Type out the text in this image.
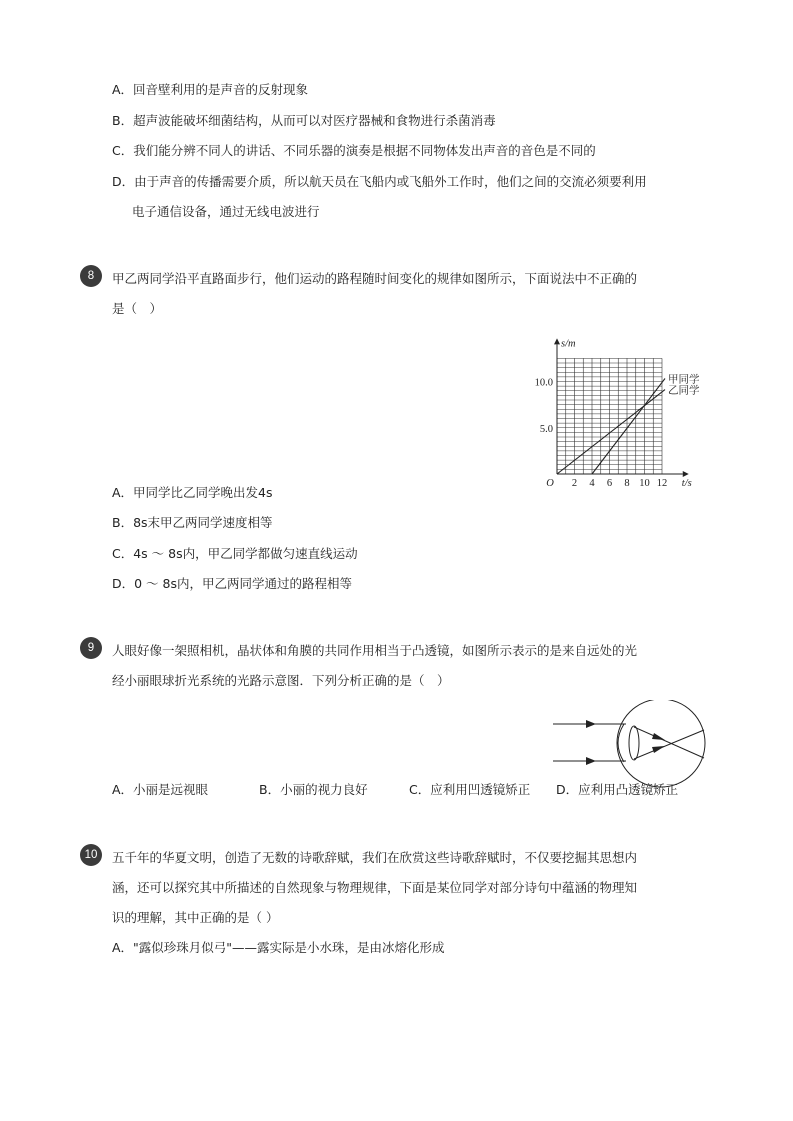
A．回音壁利用的是声音的反射现象
B．超声波能破坏细菌结构，从而可以对医疗器械和食物进行杀菌消毒
C．我们能分辨不同人的讲话、不同乐器的演奏是根据不同物体发出声音的音色是不同的
D．由于声音的传播需要介质，所以航天员在飞船内或飞船外工作时，他们之间的交流必须要利用
电子通信设备，通过无线电波进行
8	甲乙两同学沿平直路面步行，他们运动的路程随时间变化的规律如图所示，下面说法中不正确的
是（　）
s/m
t/s
O 2 4 6 8 10 12
5.0
10.0	甲同学
乙同学
A．甲同学比乙同学晚出发4s
B．8s末甲乙两同学速度相等
C．4s ～ 8s内，甲乙同学都做匀速直线运动
D．0 ～ 8s内，甲乙两同学通过的路程相等
9	人眼好像一架照相机，晶状体和角膜的共同作用相当于凸透镜，如图所示表示的是来自远处的光
经小丽眼球折光系统的光路示意图．下列分析正确的是（　）
A．小丽是远视眼	B．小丽的视力良好	C．应利用凹透镜矫正 D．应利用凸透镜矫正
10	五千年的华夏文明，创造了无数的诗歌辞赋，我们在欣赏这些诗歌辞赋时，不仅要挖掘其思想内
涵，还可以探究其中所描述的自然现象与物理规律，下面是某位同学对部分诗句中蕴涵的物理知
识的理解，其中正确的是（ ）
A．"露似珍珠月似弓"——露实际是小水珠，是由冰熔化形成
